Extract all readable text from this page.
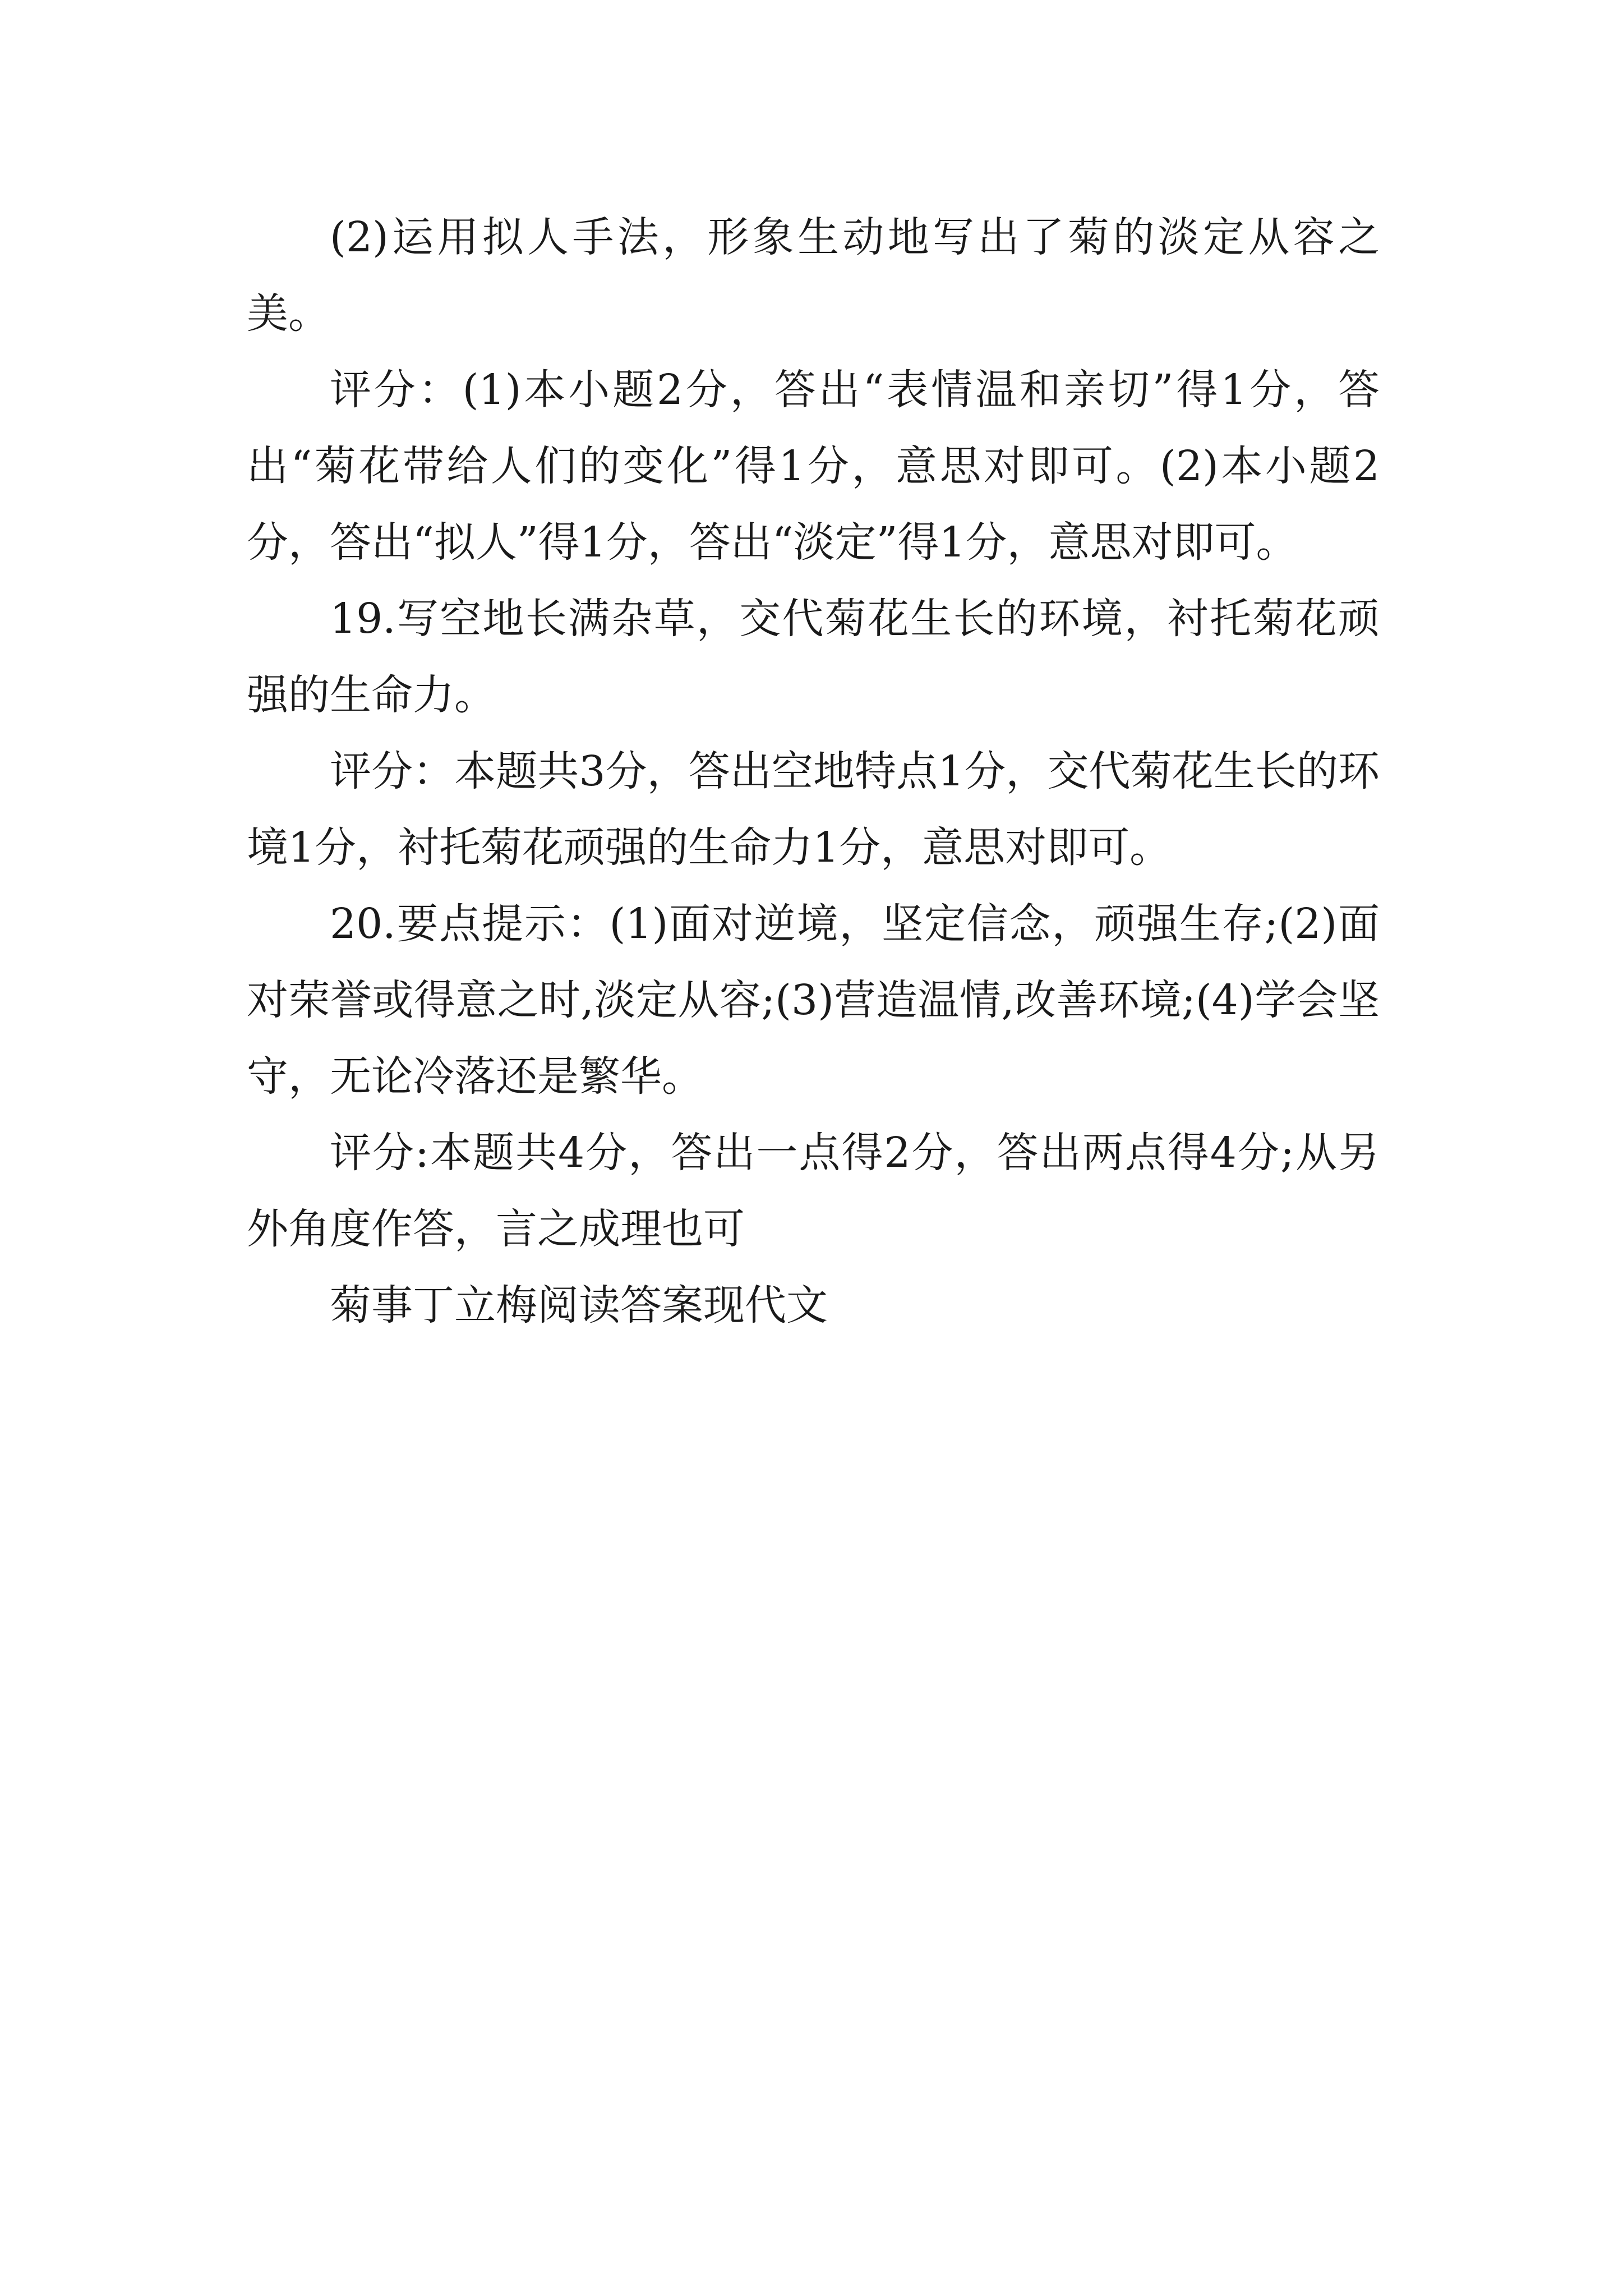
(2)运用拟人手法，形象生动地写出了菊的淡定从容之美。

评分：(1)本小题2分，答出“表情温和亲切”得1分，答出“菊花带给人们的变化”得1分，意思对即可。(2)本小题2分，答出“拟人”得1分，答出“淡定”得1分，意思对即可。

19.写空地长满杂草，交代菊花生长的环境，衬托菊花顽强的生命力。

评分：本题共3分，答出空地特点1分，交代菊花生长的环境1分，衬托菊花顽强的生命力1分，意思对即可。

20.要点提示：(1)面对逆境，坚定信念，顽强生存;(2)面对荣誉或得意之时,淡定从容;(3)营造温情,改善环境;(4)学会坚守，无论冷落还是繁华。

评分:本题共4分，答出一点得2分，答出两点得4分;从另外角度作答，言之成理也可

菊事丁立梅阅读答案现代文
